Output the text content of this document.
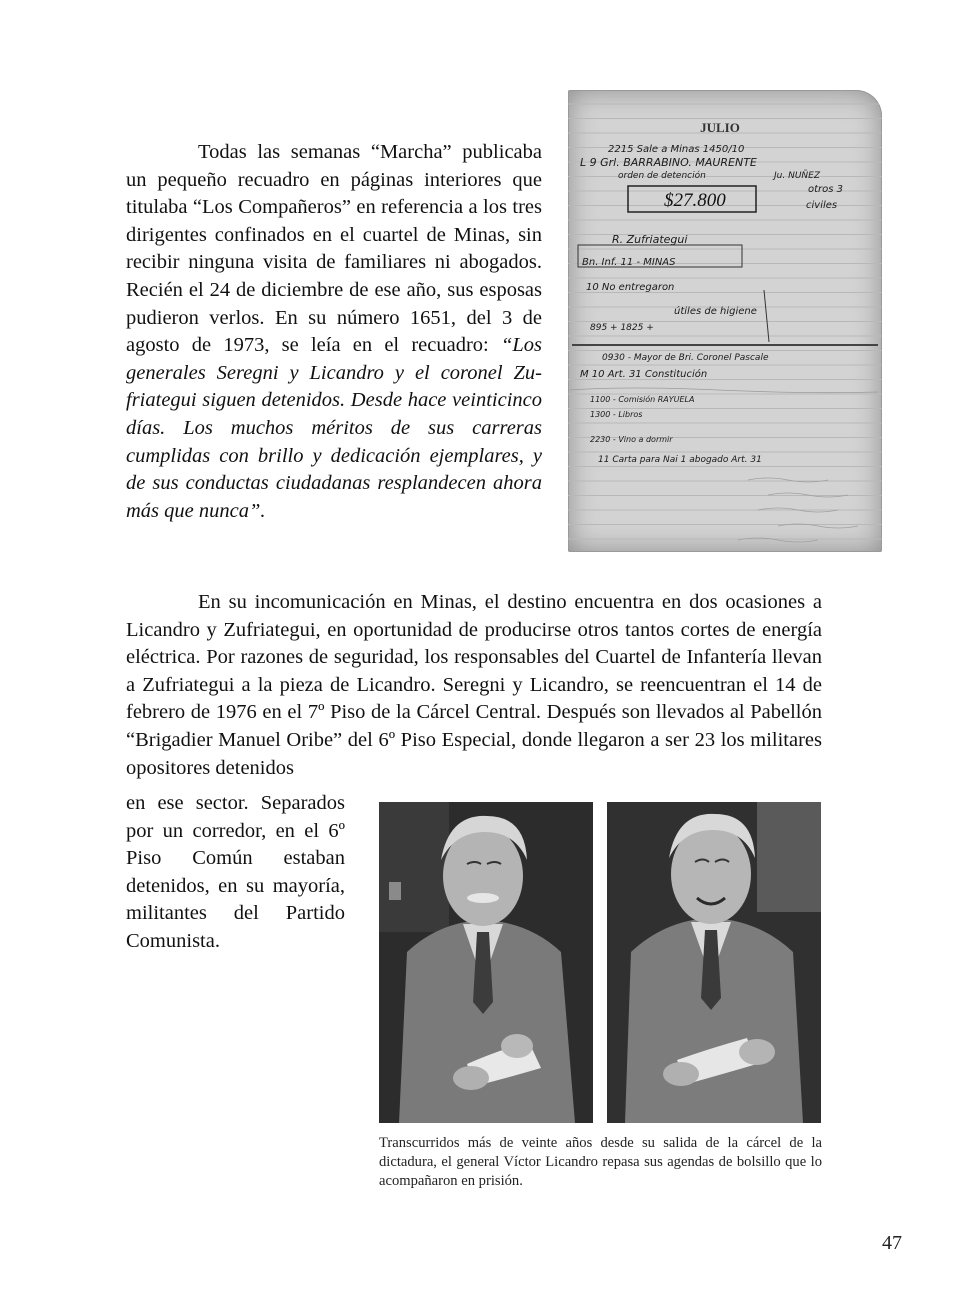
Todas las semanas “Marcha” publicaba un pequeño recuadro en páginas interiores que titulaba “Los Compañeros” en referencia a los tres dirigentes confinados en el cuartel de Minas, sin recibir ninguna visita de familiares ni abogados. Recién el 24 de diciembre de ese año, sus esposas pudieron verlos. En su número 1651, del 3 de agosto de 1973, se leía en el recuadro: “Los generales Seregni y Licandro y el coronel Zufriategui siguen detenidos. Desde hace veinticinco días. Los muchos méritos de sus carreras cumplidas con brillo y dedicación ejemplares, y de sus conductas ciudadanas resplandecen ahora más que nunca”.

JULIO
$27.800
2215 Sale a Minas 1450/10
L 9 Grl. BARRABINO. MAURENTE
orden de detención	Ju. NUÑEZ
otros 3
civiles
R. Zufriategui
Bn. Inf. 11 - MINAS
10 No entregaron
útiles de higiene
895 + 1825 +
0930 - Mayor de Bri. Coronel Pascale
M 10 Art. 31 Constitución
1100 - Comisión RAYUELA
1300 - Libros
2230 - Vino a dormir
11 Carta para Nai 1 abogado Art. 31

En su incomunicación en Minas, el destino encuentra en dos ocasiones a Licandro y Zufriategui, en oportunidad de producirse otros tantos cortes de energía eléctrica. Por razones de seguridad, los responsables del Cuartel de Infantería llevan a Zufriategui a la pieza de Licandro. Seregni y Licandro, se reencuentran el 14 de febrero de 1976 en el 7º Piso de la Cárcel Central. Después son llevados al Pabellón “Brigadier Manuel Oribe” del 6º Piso Especial, donde llegaron a ser 23 los militares opositores detenidos

en ese sector. Separados por un corredor, en el 6º Piso Común estaban detenidos, en su mayoría, militantes del Partido Comunista.

Transcurridos más de veinte años desde su salida de la cárcel de la dictadura, el general Víctor Licandro repasa sus agendas de bolsillo que lo acompañaron en prisión.

47
